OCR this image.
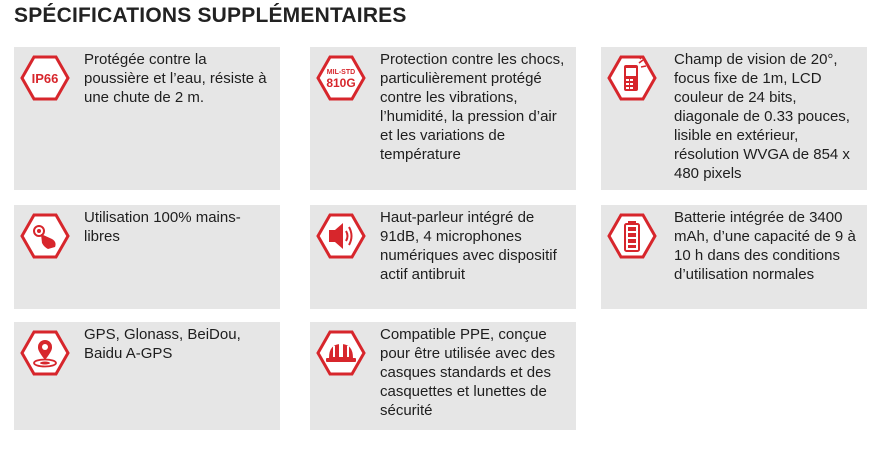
SPÉCIFICATIONS SUPPLÉMENTAIRES
IP66

Protégée contre la poussière et l’eau, résiste à une chute de 2 m.

MIL-STD
810G

Protection contre les chocs, particulièrement protégé contre les vibrations, l’humidité, la pression d’air et les variations de température

Champ de vision de 20°, focus fixe de 1m, LCD couleur de 24 bits, diagonale de 0.33 pouces, lisible en extérieur, résolution WVGA de 854 x 480 pixels

Utilisation 100% mains-libres

Haut-parleur intégré de 91dB, 4 microphones numériques avec dispositif actif antibruit

Batterie intégrée de 3400 mAh, d’une capacité de 9 à 10 h dans des conditions d’utilisation normales

GPS, Glonass, BeiDou, Baidu A-GPS

Compatible PPE, conçue pour être utilisée avec des casques standards et des casquettes et lunettes de sécurité
